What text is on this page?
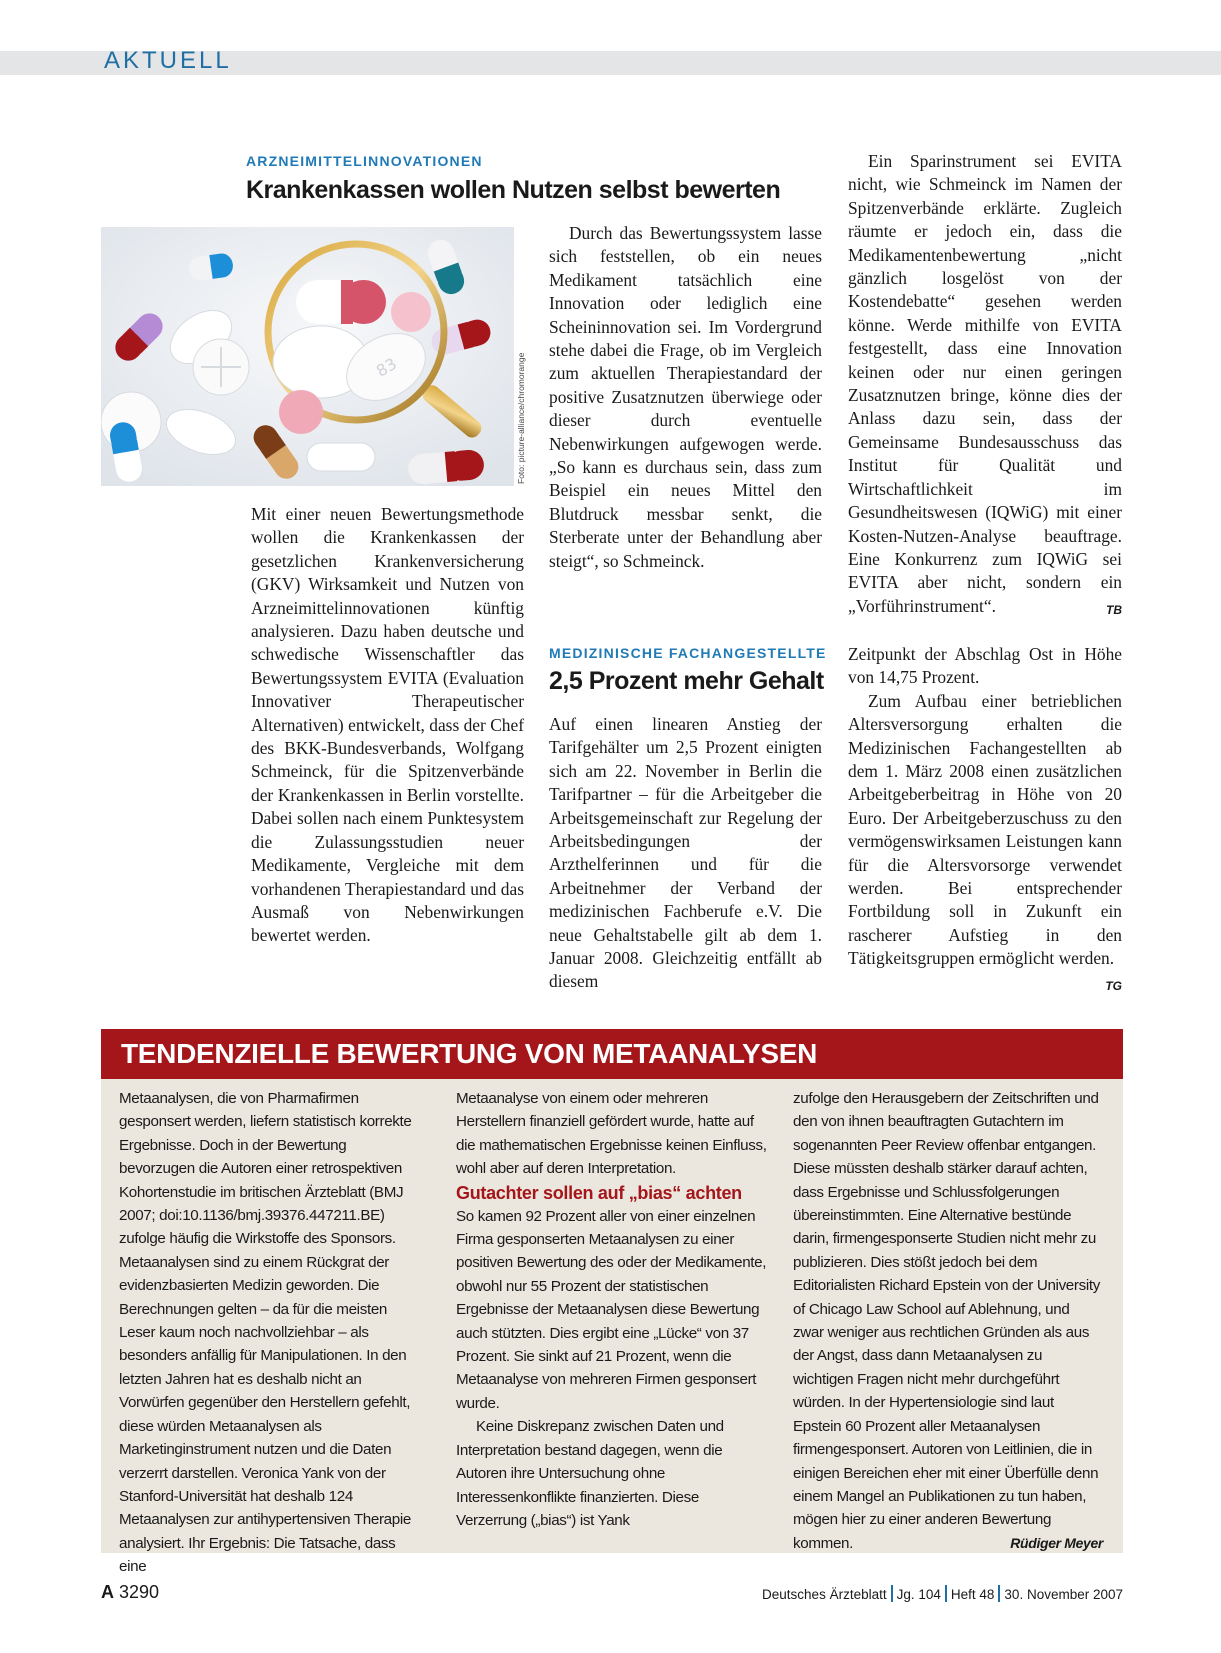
AKTUELL
ARZNEIMITTELINNOVATIONEN
Krankenkassen wollen Nutzen selbst bewerten
83	Foto: picture-alliance/chromorange

Mit einer neuen Bewertungsmethode wollen die Krankenkassen der gesetzlichen Krankenversicherung (GKV) Wirksamkeit und Nutzen von Arzneimittelinnovationen künftig analysieren. Dazu haben deutsche und schwedische Wissenschaftler das Bewertungssystem EVITA (Evaluation Innovativer Therapeutischer Alternativen) entwickelt, dass der Chef des BKK-Bundesverbands, Wolfgang Schmeinck, für die Spitzenverbände der Krankenkassen in Berlin vorstellte. Dabei sollen nach einem Punktesystem die Zulassungsstudien neuer Medikamente, Vergleiche mit dem vorhandenen Therapiestandard und das Ausmaß von Nebenwirkungen bewertet werden.

Durch das Bewertungssystem lasse sich feststellen, ob ein neues Medikament tatsächlich eine Innovation oder lediglich eine Scheininnovation sei. Im Vordergrund stehe dabei die Frage, ob im Vergleich zum aktuellen Therapiestandard der positive Zusatznutzen überwiege oder dieser durch eventuelle Nebenwirkungen aufgewogen werde. „So kann es durchaus sein, dass zum Beispiel ein neues Mittel den Blutdruck messbar senkt, die Sterberate unter der Behandlung aber steigt“, so Schmeinck.

Ein Sparinstrument sei EVITA nicht, wie Schmeinck im Namen der Spitzenverbände erklärte. Zugleich räumte er jedoch ein, dass die Medikamentenbewertung „nicht gänzlich losgelöst von der Kostendebatte“ gesehen werden könne. Werde mithilfe von EVITA festgestellt, dass eine Innovation keinen oder nur einen geringen Zusatznutzen bringe, könne dies der Anlass dazu sein, dass der Gemeinsame Bundesausschuss das Institut für Qualität und Wirtschaftlichkeit im Gesundheitswesen (IQWiG) mit einer Kosten-Nutzen-Analyse beauftrage. Eine Konkurrenz zum IQWiG sei EVITA aber nicht, sondern ein „Vorführinstrument“.	TB

MEDIZINISCHE FACHANGESTELLTE
2,5 Prozent mehr Gehalt

Auf einen linearen Anstieg der Tarifgehälter um 2,5 Prozent einigten sich am 22. November in Berlin die Tarifpartner – für die Arbeitgeber die Arbeitsgemeinschaft zur Regelung der Arbeitsbedingungen der Arzthelferinnen und für die Arbeitnehmer der Verband der medizinischen Fachberufe e.V. Die neue Gehaltstabelle gilt ab dem 1. Januar 2008. Gleichzeitig entfällt ab diesem

Zeitpunkt der Abschlag Ost in Höhe von 14,75 Prozent.

Zum Aufbau einer betrieblichen Altersversorgung erhalten die Medizinischen Fachangestellten ab dem 1. März 2008 einen zusätzlichen Arbeitgeberbeitrag in Höhe von 20 Euro. Der Arbeitgeberzuschuss zu den vermögenswirksamen Leistungen kann für die Altersvorsorge verwendet werden. Bei entsprechender Fortbildung soll in Zukunft ein rascherer Aufstieg in den Tätigkeitsgruppen ermöglicht werden.
TG

TENDENZIELLE BEWERTUNG VON METAANALYSEN

Metaanalysen, die von Pharmafirmen gesponsert werden, liefern statistisch korrekte Ergebnisse. Doch in der Bewertung bevorzugen die Autoren einer retrospektiven Kohortenstudie im britischen Ärzteblatt (BMJ 2007; doi:10.1136/bmj.39376.447211.BE) zufolge häufig die Wirkstoffe des Sponsors. Metaanalysen sind zu einem Rückgrat der evidenzbasierten Medizin geworden. Die Berechnungen gelten – da für die meisten Leser kaum noch nachvollziehbar – als besonders anfällig für Manipulationen. In den letzten Jahren hat es deshalb nicht an Vorwürfen gegenüber den Herstellern gefehlt, diese würden Metaanalysen als Marketinginstrument nutzen und die Daten verzerrt darstellen. Veronica Yank von der Stanford-Universität hat deshalb 124 Metaanalysen zur antihypertensiven Therapie analysiert. Ihr Ergebnis: Die Tatsache, dass eine

Metaanalyse von einem oder mehreren Herstellern finanziell gefördert wurde, hatte auf die mathematischen Ergebnisse keinen Einfluss, wohl aber auf deren Interpretation.

Gutachter sollen auf „bias“ achten

So kamen 92 Prozent aller von einer einzelnen Firma gesponserten Metaanalysen zu einer positiven Bewertung des oder der Medikamente, obwohl nur 55 Prozent der statistischen Ergebnisse der Metaanalysen diese Bewertung auch stützten. Dies ergibt eine „Lücke“ von 37 Prozent. Sie sinkt auf 21 Prozent, wenn die Metaanalyse von mehreren Firmen gesponsert wurde.

Keine Diskrepanz zwischen Daten und Interpretation bestand dagegen, wenn die Autoren ihre Untersuchung ohne Interessenkonflikte finanzierten. Diese Verzerrung („bias“) ist Yank

zufolge den Herausgebern der Zeitschriften und den von ihnen beauftragten Gutachtern im sogenannten Peer Review offenbar entgangen. Diese müssten deshalb stärker darauf achten, dass Ergebnisse und Schlussfolgerungen übereinstimmten. Eine Alternative bestünde darin, firmengesponserte Studien nicht mehr zu publizieren. Dies stößt jedoch bei dem Editorialisten Richard Epstein von der University of Chicago Law School auf Ablehnung, und zwar weniger aus rechtlichen Gründen als aus der Angst, dass dann Metaanalysen zu wichtigen Fragen nicht mehr durchgeführt würden. In der Hypertensiologie sind laut Epstein 60 Prozent aller Metaanalysen firmengesponsert. Autoren von Leitlinien, die in einigen Bereichen eher mit einer Überfülle denn einem Mangel an Publikationen zu tun haben, mögen hier zu einer anderen Bewertung kommen.	Rüdiger Meyer

A 3290	Deutsches Ärzteblatt Jg. 104 Heft 48 30. November 2007
